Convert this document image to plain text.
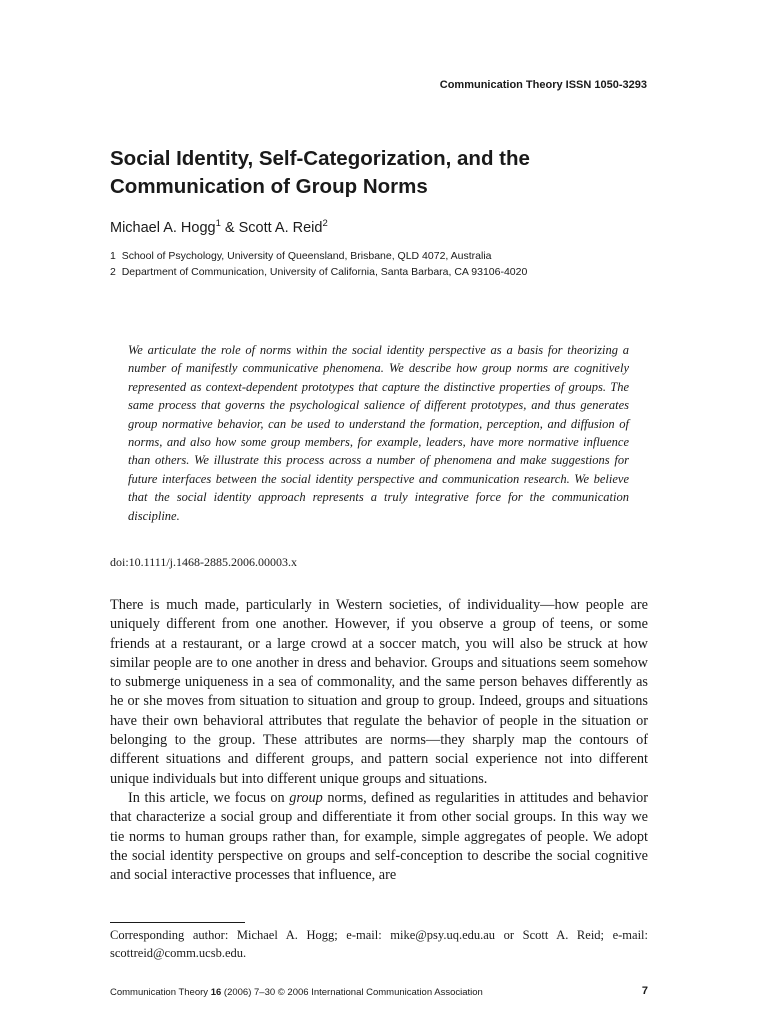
Communication Theory ISSN 1050-3293
Social Identity, Self-Categorization, and the Communication of Group Norms
Michael A. Hogg$^1$ & Scott A. Reid$^2$
1 School of Psychology, University of Queensland, Brisbane, QLD 4072, Australia
2 Department of Communication, University of California, Santa Barbara, CA 93106-4020
We articulate the role of norms within the social identity perspective as a basis for theorizing a number of manifestly communicative phenomena. We describe how group norms are cognitively represented as context-dependent prototypes that capture the distinctive properties of groups. The same process that governs the psychological salience of different prototypes, and thus generates group normative behavior, can be used to understand the formation, perception, and diffusion of norms, and also how some group members, for example, leaders, have more normative influence than others. We illustrate this process across a number of phenomena and make suggestions for future interfaces between the social identity perspective and communication research. We believe that the social identity approach represents a truly integrative force for the communication discipline.
doi:10.1111/j.1468-2885.2006.00003.x

There is much made, particularly in Western societies, of individuality—how people are uniquely different from one another. However, if you observe a group of teens, or some friends at a restaurant, or a large crowd at a soccer match, you will also be struck at how similar people are to one another in dress and behavior. Groups and situations seem somehow to submerge uniqueness in a sea of commonality, and the same person behaves differently as he or she moves from situation to situation and group to group. Indeed, groups and situations have their own behavioral attributes that regulate the behavior of people in the situation or belonging to the group. These attributes are norms—they sharply map the contours of different situations and different groups, and pattern social experience not into different unique individuals but into different unique groups and situations.

In this article, we focus on group norms, defined as regularities in attitudes and behavior that characterize a social group and differentiate it from other social groups. In this way we tie norms to human groups rather than, for example, simple aggregates of people. We adopt the social identity perspective on groups and self-conception to describe the social cognitive and social interactive processes that influence, are

Corresponding author: Michael A. Hogg; e-mail: mike@psy.uq.edu.au or Scott A. Reid; e-mail: scottreid@comm.ucsb.edu.
Communication Theory 16 (2006) 7–30 © 2006 International Communication Association	7
